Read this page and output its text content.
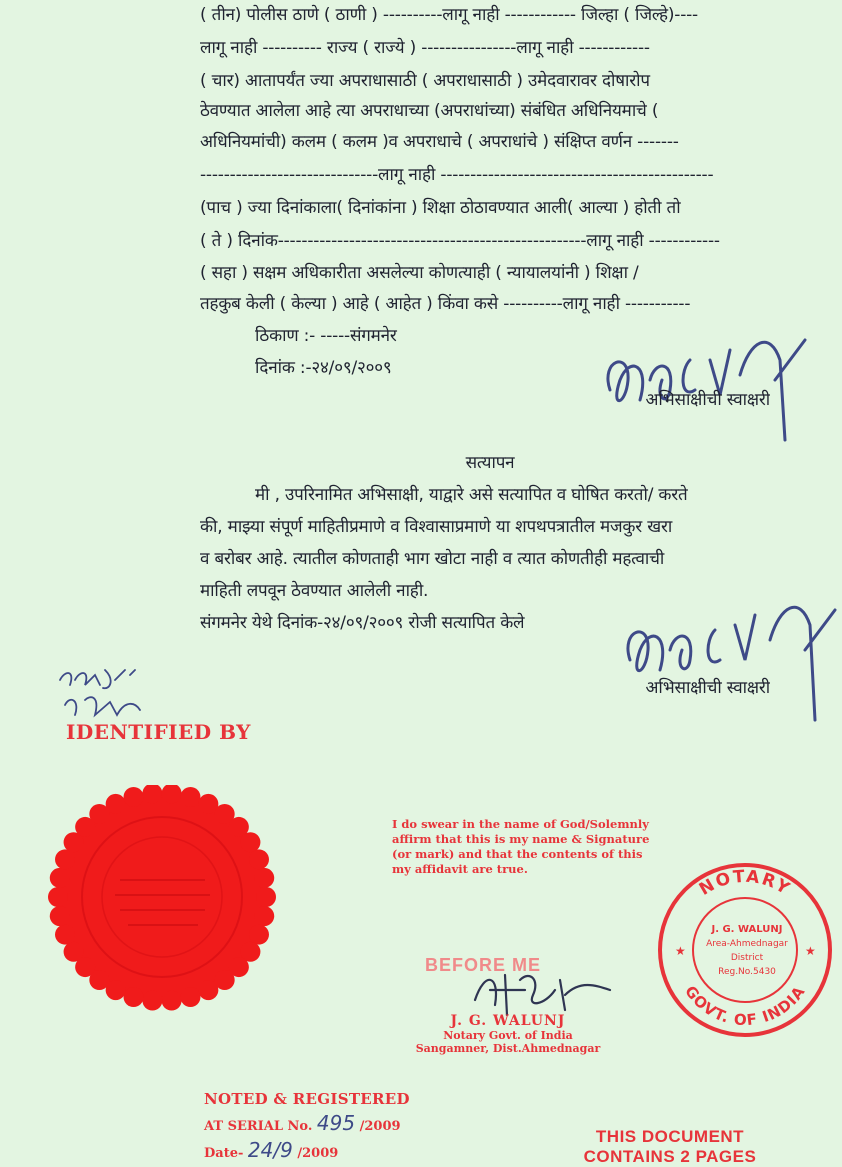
( तीन) पोलीस ठाणे ( ठाणी ) ----------लागू नाही ------------ जिल्हा ( जिल्हे)----
लागू नाही ---------- राज्य ( राज्ये ) ----------------लागू नाही ------------
( चार) आतापर्यंत ज्या अपराधासाठी ( अपराधासाठी ) उमेदवारावर दोषारोप
ठेवण्यात आलेला आहे त्या अपराधाच्या (अपराधांच्या) संबंधित अधिनियमाचे (
अधिनियमांची) कलम ( कलम )व अपराधाचे ( अपराधांचे ) संक्षिप्त वर्णन -------
------------------------------लागू नाही ----------------------------------------------
(पाच ) ज्या दिनांकाला( दिनांकांना ) शिक्षा ठोठावण्यात आली( आल्या ) होती तो
( ते ) दिनांक----------------------------------------------------लागू नाही ------------
( सहा ) सक्षम अधिकारीता असलेल्या कोणत्याही ( न्यायालयांनी ) शिक्षा /
तहकुब केली ( केल्या ) आहे ( आहेत ) किंवा कसे ----------लागू नाही -----------
ठिकाण :- -----संगमनेर
दिनांक :-२४/०९/२००९
अभिसाक्षीची स्वाक्षरी
सत्यापन
मी , उपरिनामित अभिसाक्षी, याद्वारे असे सत्यापित व घोषित करतो/ करते
की, माझ्या संपूर्ण माहितीप्रमाणे व विश्वासाप्रमाणे या शपथपत्रातील मजकुर खरा
व बरोबर आहे. त्यातील कोणताही भाग खोटा नाही व त्यात कोणतीही महत्वाची
माहिती लपवून ठेवण्यात आलेली नाही.
संगमनेर येथे दिनांक-२४/०९/२००९ रोजी सत्यापित केले
अभिसाक्षीची स्वाक्षरी
IDENTIFIED BY
I do swear in the name of God/Solemnly
affirm that this is my name & Signature
(or mark) and that the contents of this
my affidavit are true.
NOTARY
GOVT. OF INDIA
J. G. WALUNJ
Area-Ahmednagar
District
Reg.No.5430
★	★
BEFORE ME
J. G. WALUNJ
Notary Govt. of India
Sangamner, Dist.Ahmednagar
NOTED & REGISTERED
AT SERIAL No. 495 /2009
Date- 24/9 /2009
THIS DOCUMENT
CONTAINS 2 PAGES
